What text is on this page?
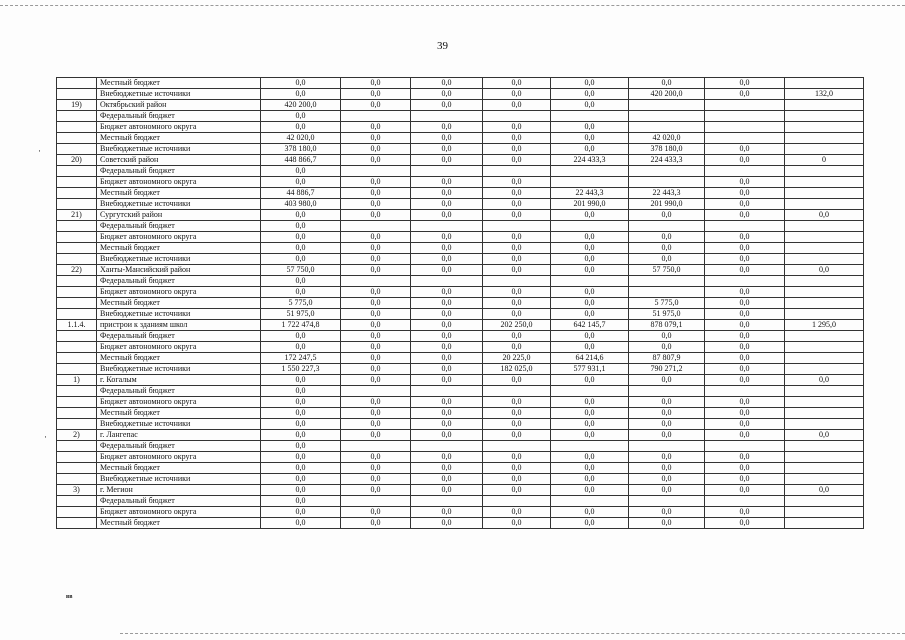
39
·
·
	Местный бюджет	0,0	0,0	0,0	0,0	0,0	0,0	0,0	
	Внебюджетные источники	0,0	0,0	0,0	0,0	0,0	420 200,0	0,0	132,0
19)	Октябрьский район	420 200,0	0,0	0,0	0,0	0,0			
	Федеральный бюджет	0,0							
	Бюджет автономного округа	0,0	0,0	0,0	0,0	0,0			
	Местный бюджет	42 020,0	0,0	0,0	0,0	0,0	42 020,0		
	Внебюджетные источники	378 180,0	0,0	0,0	0,0	0,0	378 180,0	0,0	
20)	Советский район	448 866,7	0,0	0,0	0,0	224 433,3	224 433,3	0,0	0
	Федеральный бюджет	0,0							
	Бюджет автономного округа	0,0	0,0	0,0	0,0			0,0	
	Местный бюджет	44 886,7	0,0	0,0	0,0	22 443,3	22 443,3	0,0	
	Внебюджетные источники	403 980,0	0,0	0,0	0,0	201 990,0	201 990,0	0,0	
21)	Сургутский район	0,0	0,0	0,0	0,0	0,0	0,0	0,0	0,0
	Федеральный бюджет	0,0							
	Бюджет автономного округа	0,0	0,0	0,0	0,0	0,0	0,0	0,0	
	Местный бюджет	0,0	0,0	0,0	0,0	0,0	0,0	0,0	
	Внебюджетные источники	0,0	0,0	0,0	0,0	0,0	0,0	0,0	
22)	Ханты-Мансийский район	57 750,0	0,0	0,0	0,0	0,0	57 750,0	0,0	0,0
	Федеральный бюджет	0,0							
	Бюджет автономного округа	0,0	0,0	0,0	0,0	0,0		0,0	
	Местный бюджет	5 775,0	0,0	0,0	0,0	0,0	5 775,0	0,0	
	Внебюджетные источники	51 975,0	0,0	0,0	0,0	0,0	51 975,0	0,0	
1.1.4.	пристрои к зданиям школ	1 722 474,8	0,0	0,0	202 250,0	642 145,7	878 079,1	0,0	1 295,0
	Федеральный бюджет	0,0	0,0	0,0	0,0	0,0	0,0	0,0	
	Бюджет автономного округа	0,0	0,0	0,0	0,0	0,0	0,0	0,0	
	Местный бюджет	172 247,5	0,0	0,0	20 225,0	64 214,6	87 807,9	0,0	
	Внебюджетные источники	1 550 227,3	0,0	0,0	182 025,0	577 931,1	790 271,2	0,0	
1)	г. Когалым	0,0	0,0	0,0	0,0	0,0	0,0	0,0	0,0
	Федеральный бюджет	0,0							
	Бюджет автономного округа	0,0	0,0	0,0	0,0	0,0	0,0	0,0	
	Местный бюджет	0,0	0,0	0,0	0,0	0,0	0,0	0,0	
	Внебюджетные источники	0,0	0,0	0,0	0,0	0,0	0,0	0,0	
2)	г. Лангепас	0,0	0,0	0,0	0,0	0,0	0,0	0,0	0,0
	Федеральный бюджет	0,0							
	Бюджет автономного округа	0,0	0,0	0,0	0,0	0,0	0,0	0,0	
	Местный бюджет	0,0	0,0	0,0	0,0	0,0	0,0	0,0	
	Внебюджетные источники	0,0	0,0	0,0	0,0	0,0	0,0	0,0	
3)	г. Мегион	0,0	0,0	0,0	0,0	0,0	0,0	0,0	0,0
	Федеральный бюджет	0,0							
	Бюджет автономного округа	0,0	0,0	0,0	0,0	0,0	0,0	0,0	
	Местный бюджет	0,0	0,0	0,0	0,0	0,0	0,0	0,0	
вв
